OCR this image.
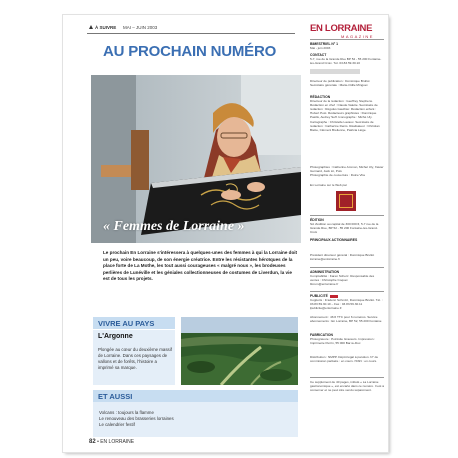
À SUIVRE MAI – JUIN 2003
AU PROCHAIN NUMÉRO
« Femmes de Lorraine »

Le prochain En Lorraine s'intéressera à quelques-unes des femmes à qui la Lorraine doit un peu, voire beaucoup, de son énergie créatrice. Entre les résistantes héroïques de la place forte de La Mothe, les tout aussi courageuses « malgré nous », les brodeuses perlières de Lunéville et les géniales collectionneuses de costumes de Liverdun, la vie est de tous les projets.

VIVRE AU PAYS
L'Argonne

Plongée au cœur du deuxième massif de Lorraine. Dans ces paysages de vallons et de forêts, l'histoire a imprimé sa marque.

ET AUSSI
Volcans : toujours la flamme
Le renouveau des brasseries lorraines
Le calendrier festif
82 • EN LORRAINE
EN LORRAINE
MAGAZINE
BIMESTRIEL N° 1
Mai - juin 2003
CONTACT
5-7, rue de la Grande Rue BP 52 - 55 200 Fontaine-les-Grand Croix. Tél. 03.83.59.30.10
Directeur de publication : Dominique Brullot
Secrétaire générale : Marie-Odile Minguet
RÉDACTION
Directeur de la rédaction : Geoffrey Stephens. Rédaction en chef : Claude Valette. Secrétaire de rédaction : Régulus Gauthier. Rédaction enfant : Hubert Post. Rédacteurs graphistes : Dominique Pasilis, Audrey Seff. Iconographe : Miché Uly. Cartographe : Christelle Lavaux. Secrétaire de rédaction : Catherine Denis. Réalisateur : Christian Biette, Clément Brelienne, Patricia Liège.
Photographies : Catherine Ammon, Michel Uly, Xavier Guimard, Jack Lit, Pols
Photographie de couverture : Dolce Vita
En Lorraine sur le Web par
ÉDITION
SA d'édition au capital de 300 000 €, 5-7 rue de la Grande Rue, BP 52 - 55 200 Fontaine-les-Grand-Croix
PRINCIPAUX ACTIONNAIRES
Président directeur général : Dominique Brullot
lorraine@enlorraine.fr
ADMINISTRATION
Comptabilité : Karen Scherz. Responsable des ventes : Christophe Coquet
lforum@enlorraine.fr
PUBLICITÉ
Cogitoris : Frédéric Schmitz, Dominique Brullot. Tél. : 03.83.59.30.10 – Fax : 03.83.59.30.11
lpublicite@enlorraine.fr
Abonnement : 46 € TTC pour 6 numéros. Service abonnements : En Lorraine, BP 52, 55 200 Fontaine
FABRICATION
Photogravure : Pointsite Graveurs. Impression : Imprimerie Perrin, 55 000 Bar-le-Duc
Distribution : NMPP. Dépôt légal à parution. N° de commission paritaire : en cours. ISSN : en cours.
Ce supplément de 40 pages, intitulé « La Lorraine gastronomique », est encarté dans ce numéro. Il est à conserver et ne peut être vendu séparément.
